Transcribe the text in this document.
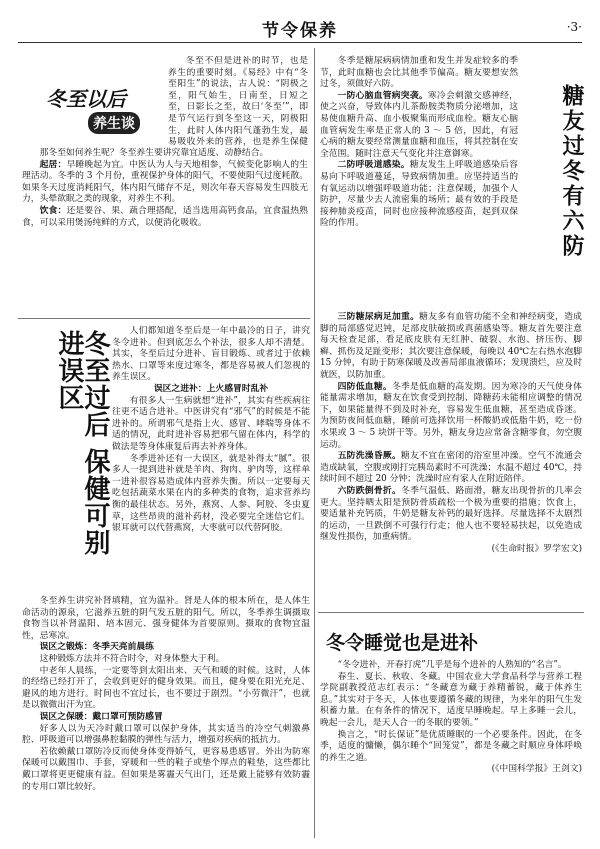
节令保养	·3·
冬至以后
养生谈

冬至不但是进补的时节，也是养生的重要时刻。《易经》中有“冬至阳生”的说法，古人说：“阴极之至，阳气始生，日南至，日短之至，日影长之至，故曰‘冬至’”，即是节气运行到冬至这一天，阴极阳生，此时人体内阳气蓬勃生发，最易吸收外来的营养，也是养生保健

那冬至如何养生呢？冬至养生要讲究靠宜适度、动静结合。

起居：早睡晚起为宜。中医认为人与天地相参，气候变化影响人的生理活动。冬季的 3 个月份，重视保护身体的阳气，不要使阳气过度耗散。如果冬天过度消耗阳气，体内阳气储存不足，则次年春天容易发生四肢无力，头晕欲眠之类的现象，对养生不利。

饮食：还是要谷、果、蔬合理搭配，适当选用高钙食品，宜食温热熟食，可以采用煲汤纯鲜的方式，以便消化吸收。

冬至过后 保健可别进误区	人们都知道冬至后是一年中最冷的日子，讲究冬令进补。但到底怎么个补法，很多人却不清楚。其实，冬至后过分进补、盲目锻炼、或者过于依赖热水、口罩等来度过寒冬，都是容易被人们忽视的养生误区。

误区之进补：上火感冒时乱补

有很多人一生病就想“进补”，其实有些疾病往往更不适合进补。中医讲究有“邪气”的时候是不能进补的。所谓邪气是指上火、感冒、哮喘等身体不适的情况，此时进补容易把邪气留在体内，科学的做法是等身体康复后再去补养身体。

冬季进补还有一大误区，就是补得太“腻”。很多人一提到进补就是羊肉、狗肉、驴肉等，这样单一进补很容易造成体内营养失衡。所以一定要每天吃包括蔬菜水果在内的多种类的食物，追求营养均衡的最佳状态。另外，燕窝、人参、阿胶、冬虫夏草，这些昂贵的滋补药材，没必要完全迷信它们。银耳就可以代替燕窝，大枣就可以代替阿胶。

冬至养生讲究补肾填精，宜为温补。肾是人体的根本所在，是人体生命活动的源泉，它滋养五脏的阴气发五脏的阳气。所以，冬季养生调摄取食物当以补肾温阳、培本固元、强身健体为首要原则。摄取的食物宜温性，忌寒凉。

误区之锻炼：冬季天亮前晨练

这种锻炼方法并不符合时令，对身体整大于利。

中老年人晨练，一定要等到太阳出来、天气和暖的时候。这时，人体的经络已经打开了，会收到更好的健身效果。而且，健身要在阳光充足、避风的地方进行。时间也不宜过长，也不要过于剧烈。“小劳微汗”，也就是以微微出汗为宜。

误区之保暖：戴口罩可预防感冒

好多人以为天冷时戴口罩可以保护身体，其实适当的冷空气刺激鼻腔、呼吸道可以增强鼻腔黏膜的弹性与活力，增强对疾病的抵抗力。

若依赖戴口罩防冷反而使身体变得娇气，更容易患感冒。外出为防寒保暖可以戴围巾、手套，穿暖和一些的鞋子或垫个厚点的鞋垫，这些都比戴口罩将更更健康有益。但如果是雾霾天气出门，还是戴上能够有效防霾的专用口罩比较好。

糖友过冬有六防

冬季是糖尿病病情加重和发生并发症较多的季节，此时血糖也会比其他季节偏高。糖友要想安然过冬，须做好六防。

一防心脑血管病突袭。寒冷会刺激交感神经，使之兴奋，导致体内儿茶酚胺类物质分泌增加，这易使血糖升高、血小板聚集而形成血栓。糖友心脑血管病发生率是正常人的 3 ～ 5 倍，因此，有冠心病的糖友要经常测量血糖和血压，将其控制在安全范围。随时注意天气变化并注意御寒。

二防呼吸道感染。糖友发生上呼吸道感染后容易向下呼吸道蔓延，导致病情加重。应坚持适当的有氧运动以增强呼吸道功能；注意保暖，加强个人防护，尽量少去人流密集的场所；最有效的手段是接种肺炎疫苗，同时也应接种流感疫苗，起到双保险的作用。

三防糖尿病足加重。糖友多有血管功能不全和神经病变，造成脚的局部感觉迟钝，足部皮肤破损或真菌感染等。糖友首先要注意每天检查足部，看足底皮肤有无红肿、破裂、水泡、挤压伤、脚癣、抓伤及足趾变形；其次要注意保暖，每晚以 40℃左右热水泡脚 15 分钟，有助于防寒保暖及改善局部血液循环；发现溃烂，应及时就医，以防加重。

四防低血糖。冬季是低血糖的高发期。因为寒冷的天气使身体能量需求增加，糖友在饮食受到控制、降糖药未能相应调整的情况下，如果能量得不到及时补充，容易发生低血糖，甚至造成昏迷。为预防夜间低血糖，睡前可选择饮用一杯酸奶或低脂牛奶，吃一份水果或 3 ～ 5 块饼干等。另外，糖友身边应常备含糖零食，勿空腹运动。

五防洗澡昏厥。糖友不宜在密闭的浴室里冲澡。空气不流通会造成缺氧，空腹或刚打完胰岛素时不可洗澡；水温不超过 40℃，持续时间不超过 20 分钟；洗澡时应有家人在附近陪伴。

六防跌倒骨折。冬季气温低、路面滑，糖友出现骨折的几率会更大。坚持晒太阳是预防骨质疏松一个极为重要的措施；饮食上，要适量补充钙质，牛奶是糖友补钙的最好选择。尽量选择不太剧烈的运动，一旦跌倒不可强行行走；他人也不要轻易扶起，以免造成继发性损伤，加重病情。

(《生命时报》罗学宏文)

冬令睡觉也是进补

“冬令进补，开春打虎”几乎是每个进补的人熟知的“名言”。

春生、夏长、秋收、冬藏。中国农业大学食品科学与营养工程学院副教授范志红表示：“冬藏意为藏于养精蓄锐，藏于体养生息。”其实对于冬天，人体也要遵循冬藏的规律，为来年的阳气生发积蓄力量。在有条件的情况下，适度早睡晚起。早上多睡一会儿，晚起一会儿，是天人合一的冬眠的要领。”

换言之，“时长保证”是优质睡眠的一个必要条件。因此，在冬季，适度的慵懒，偶尔睡个“回笼觉”，都是冬藏之时顺应身体呼唤的养生之道。

(《中国科学报》王剑文)
